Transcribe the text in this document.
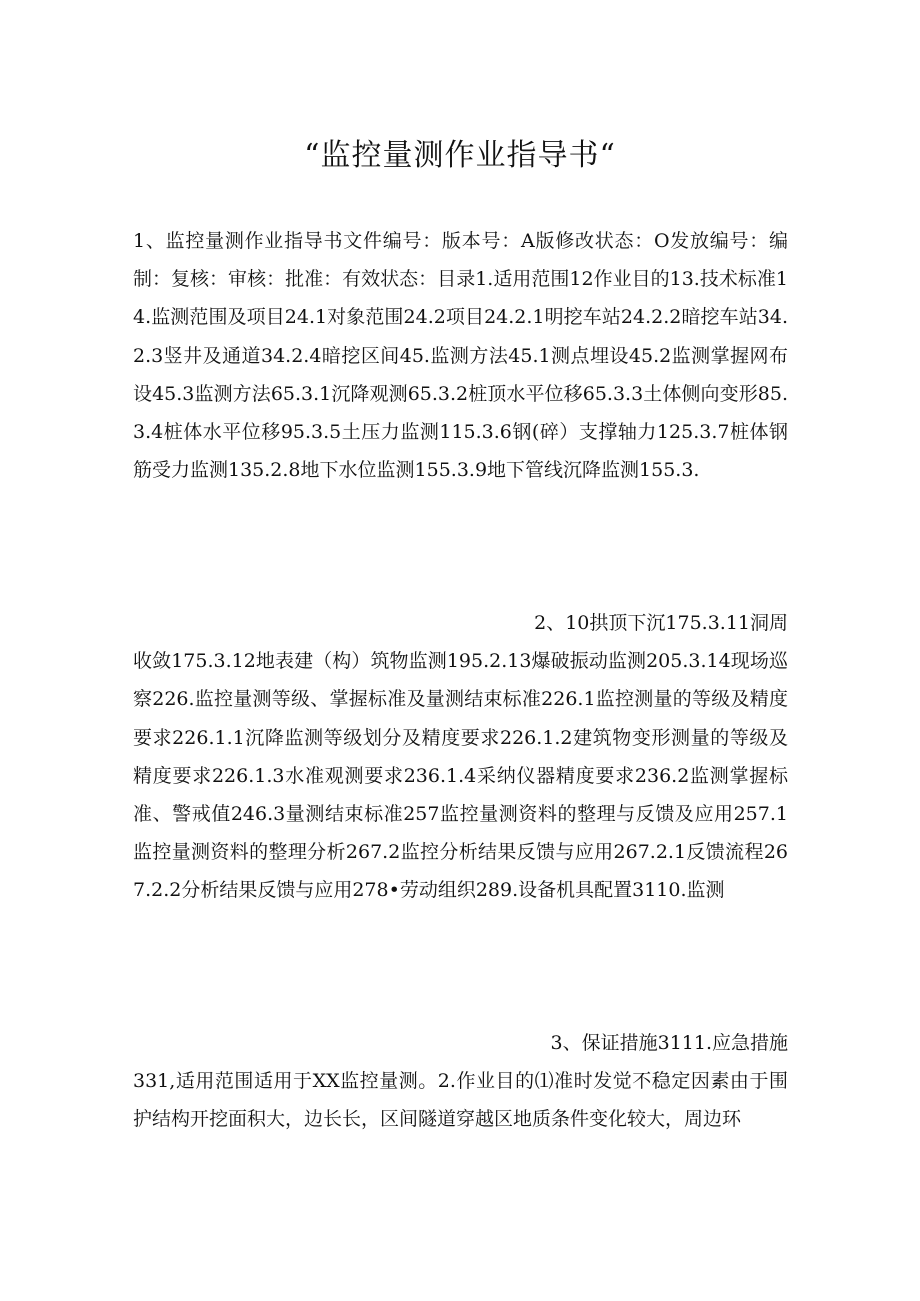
“监控量测作业指导书“

1、监控量测作业指导书文件编号：版本号：A版修改状态：O发放编号：编制：复核：审核：批准：有效状态：目录1.适用范围12作业目的13.技术标准14.监测范围及项目24.1对象范围24.2项目24.2.1明挖车站24.2.2暗挖车站34.2.3竖井及通道34.2.4暗挖区间45.监测方法45.1测点埋设45.2监测掌握网布设45.3监测方法65.3.1沉降观测65.3.2桩顶水平位移65.3.3土体侧向变形85.3.4桩体水平位移95.3.5土压力监测115.3.6钢(碎）支撑轴力125.3.7桩体钢筋受力监测135.2.8地下水位监测155.3.9地下管线沉降监测155.3.

2、10拱顶下沉175.3.11洞周
收敛175.3.12地表建（构）筑物监测195.2.13爆破振动监测205.3.14现场巡察226.监控量测等级、掌握标准及量测结束标准226.1监控测量的等级及精度要求226.1.1沉降监测等级划分及精度要求226.1.2建筑物变形测量的等级及精度要求226.1.3水准观测要求236.1.4采纳仪器精度要求236.2监测掌握标准、警戒值246.3量测结束标准257监控量测资料的整理与反馈及应用257.1监控量测资料的整理分析267.2监控分析结果反馈与应用267.2.1反馈流程267.2.2分析结果反馈与应用278•劳动组织289.设备机具配置3110.监测
3、保证措施3111.应急措施
331,适用范围适用于XX监控量测。2.作业目的⑴准时发觉不稳定因素由于围护结构开挖面积大，边长长，区间隧道穿越区地质条件变化较大，周边环
